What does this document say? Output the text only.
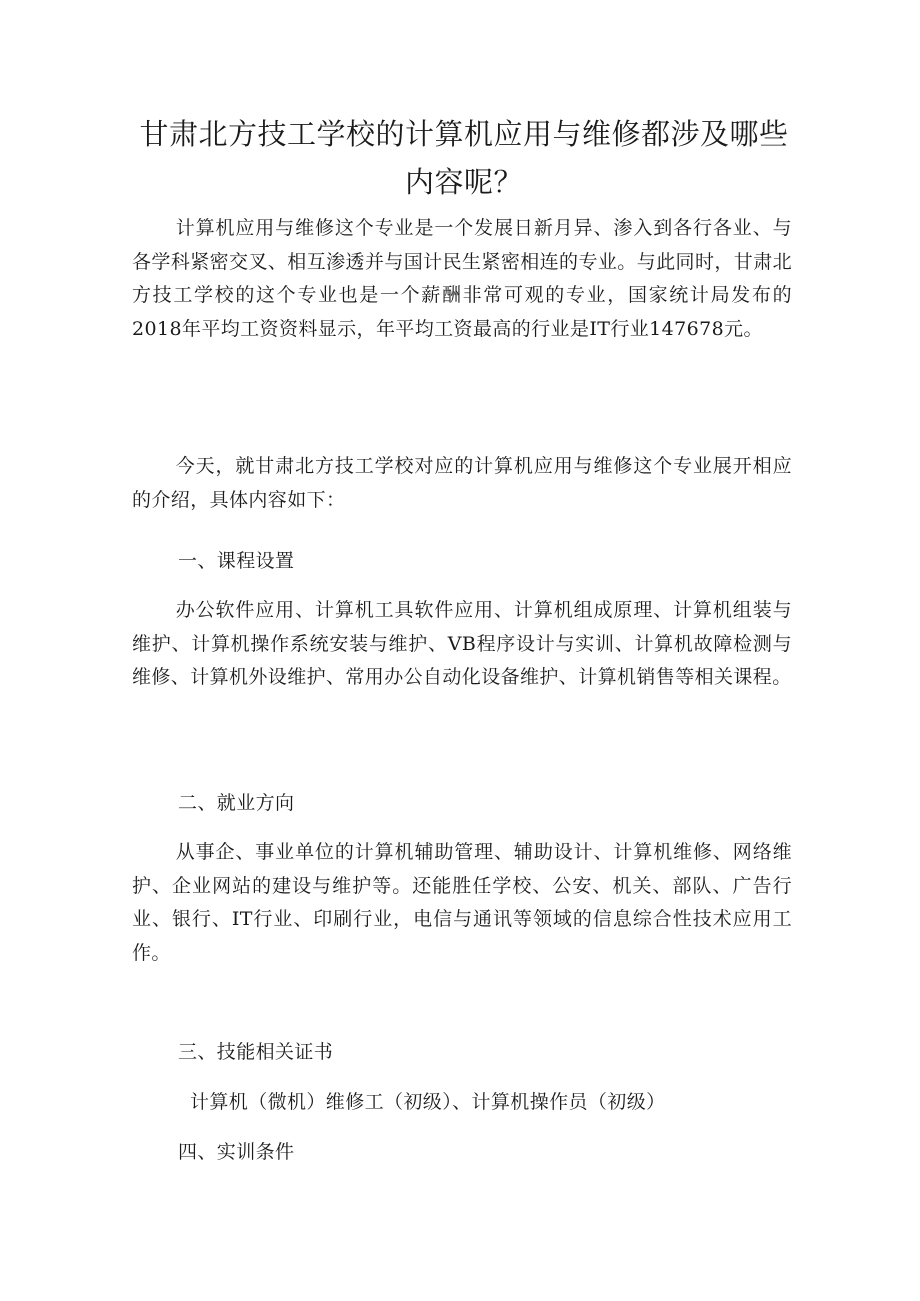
甘肃北方技工学校的计算机应用与维修都涉及哪些内容呢？

计算机应用与维修这个专业是一个发展日新月异、渗入到各行各业、与各学科紧密交叉、相互渗透并与国计民生紧密相连的专业。与此同时，甘肃北方技工学校的这个专业也是一个薪酬非常可观的专业，国家统计局发布的2018年平均工资资料显示，年平均工资最高的行业是IT行业147678元。

今天，就甘肃北方技工学校对应的计算机应用与维修这个专业展开相应的介绍，具体内容如下：

一、课程设置

办公软件应用、计算机工具软件应用、计算机组成原理、计算机组装与维护、计算机操作系统安装与维护、VB程序设计与实训、计算机故障检测与维修、计算机外设维护、常用办公自动化设备维护、计算机销售等相关课程。

二、就业方向

从事企、事业单位的计算机辅助管理、辅助设计、计算机维修、网络维护、企业网站的建设与维护等。还能胜任学校、公安、机关、部队、广告行业、银行、IT行业、印刷行业，电信与通讯等领域的信息综合性技术应用工作。

三、技能相关证书

计算机（微机）维修工（初级）、计算机操作员（初级）

四、实训条件
